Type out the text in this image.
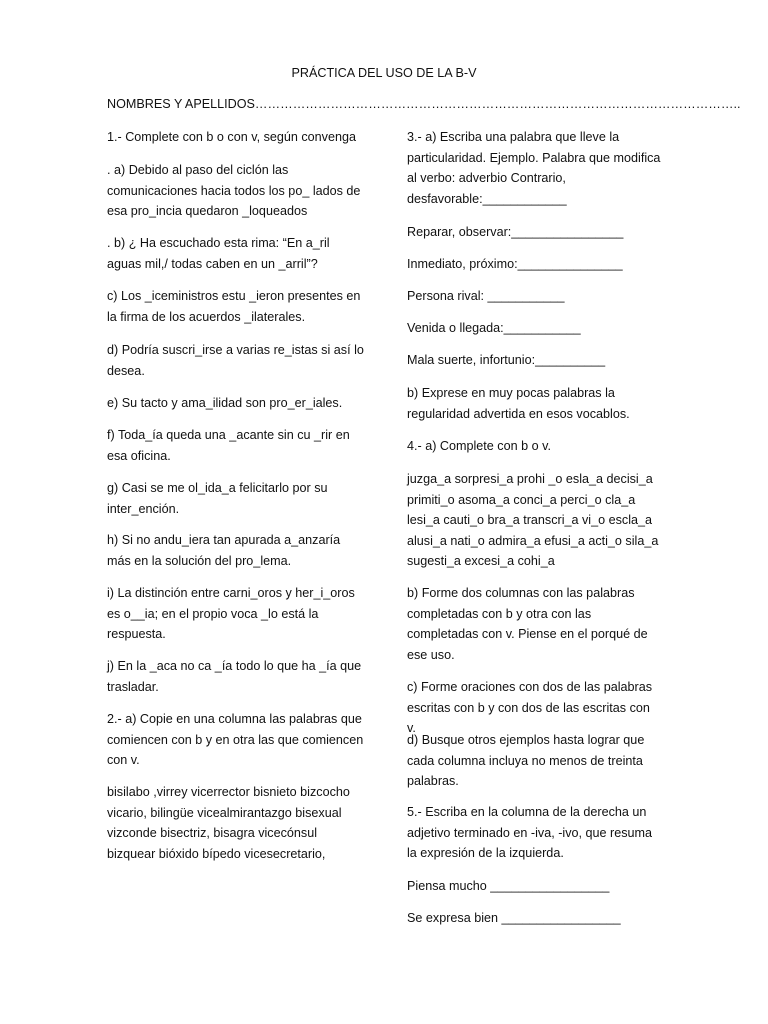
PRÁCTICA DEL USO DE LA B-V
NOMBRES Y APELLIDOS……………………………………………………………………………………………………..

1.- Complete con b o con v, según convenga

. a) Debido al paso del ciclón las comunicaciones hacia todos los po_ lados de esa pro_incia quedaron _loqueados

. b) ¿ Ha escuchado esta rima: “En a_ril aguas mil,/ todas caben en un _arril”?

c) Los _iceministros estu _ieron presentes en la firma de los acuerdos _ilaterales.

d) Podría suscri_irse a varias re_istas si así lo desea.

e) Su tacto y ama_ilidad son pro_er_iales.

f) Toda_ía queda una _acante sin cu _rir en esa oficina.

g) Casi se me ol_ida_a felicitarlo por su inter_ención.

h) Si no andu_iera tan apurada a_anzaría más en la solución del pro_lema.

i) La distinción entre carni_oros y her_i_oros es o__ia; en el propio voca _lo está la respuesta.

j) En la _aca no ca _ía todo lo que ha _ía que trasladar.

2.- a) Copie en una columna las palabras que comiencen con b y en otra las que comiencen con v.

bisilabo ,virrey vicerrector bisnieto bizcocho vicario, bilingüe vicealmirantazgo bisexual vizconde bisectriz, bisagra vicecónsul bizquear bióxido bípedo vicesecretario,

3.- a) Escriba una palabra que lleve la particularidad. Ejemplo. Palabra que modifica al verbo: adverbio Contrario, desfavorable:____________

Reparar, observar:________________

Inmediato, próximo:_______________

Persona rival: ___________

Venida o llegada:___________

Mala suerte, infortunio:__________

b) Exprese en muy pocas palabras la regularidad advertida en esos vocablos.

4.- a) Complete con b o v.

juzga_a sorpresi_a prohi _o esla_a decisi_a primiti_o asoma_a conci_a perci_o cla_a lesi_a cauti_o bra_a transcri_a vi_o escla_a alusi_a nati_o admira_a efusi_a acti_o sila_a sugesti_a excesi_a cohi_a

b) Forme dos columnas con las palabras completadas con b y otra con las completadas con v. Piense en el porqué de ese uso.

c) Forme oraciones con dos de las palabras escritas con b y con dos de las escritas con v.

d) Busque otros ejemplos hasta lograr que cada columna incluya no menos de treinta palabras.

5.- Escriba en la columna de la derecha un adjetivo terminado en -iva, -ivo, que resuma la expresión de la izquierda.

Piensa mucho _________________

Se expresa bien _________________
